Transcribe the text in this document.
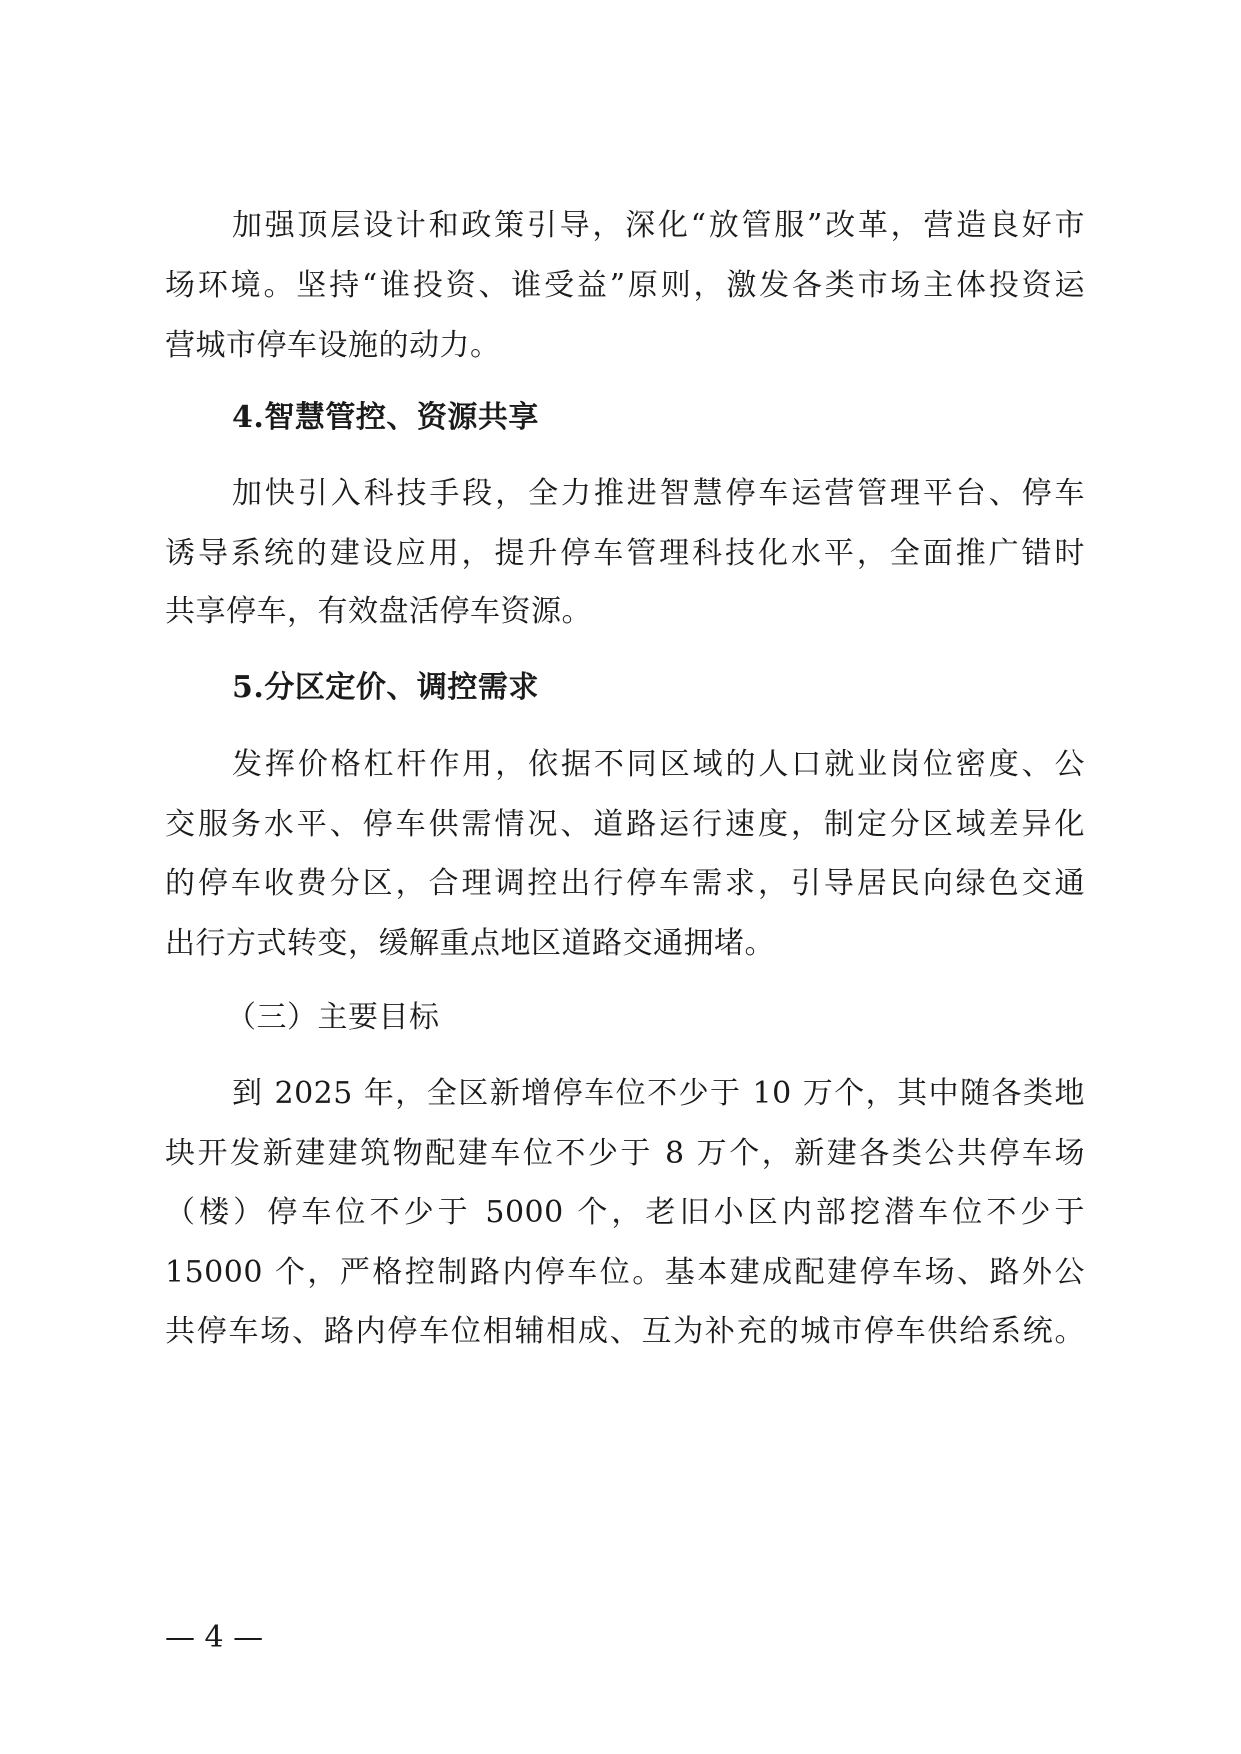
加强顶层设计和政策引导，深化“放管服”改革，营造良好市
场环境。坚持“谁投资、谁受益”原则，激发各类市场主体投资运
营城市停车设施的动力。
4.智慧管控、资源共享
加快引入科技手段，全力推进智慧停车运营管理平台、停车
诱导系统的建设应用，提升停车管理科技化水平，全面推广错时
共享停车，有效盘活停车资源。
5.分区定价、调控需求
发挥价格杠杆作用，依据不同区域的人口就业岗位密度、公
交服务水平、停车供需情况、道路运行速度，制定分区域差异化
的停车收费分区，合理调控出行停车需求，引导居民向绿色交通
出行方式转变，缓解重点地区道路交通拥堵。
（三）主要目标
到 2025 年，全区新增停车位不少于 10 万个，其中随各类地
块开发新建建筑物配建车位不少于 8 万个，新建各类公共停车场
（楼）停车位不少于 5000 个，老旧小区内部挖潜车位不少于
15000 个，严格控制路内停车位。基本建成配建停车场、路外公
共停车场、路内停车位相辅相成、互为补充的城市停车供给系统。
— 4 —
